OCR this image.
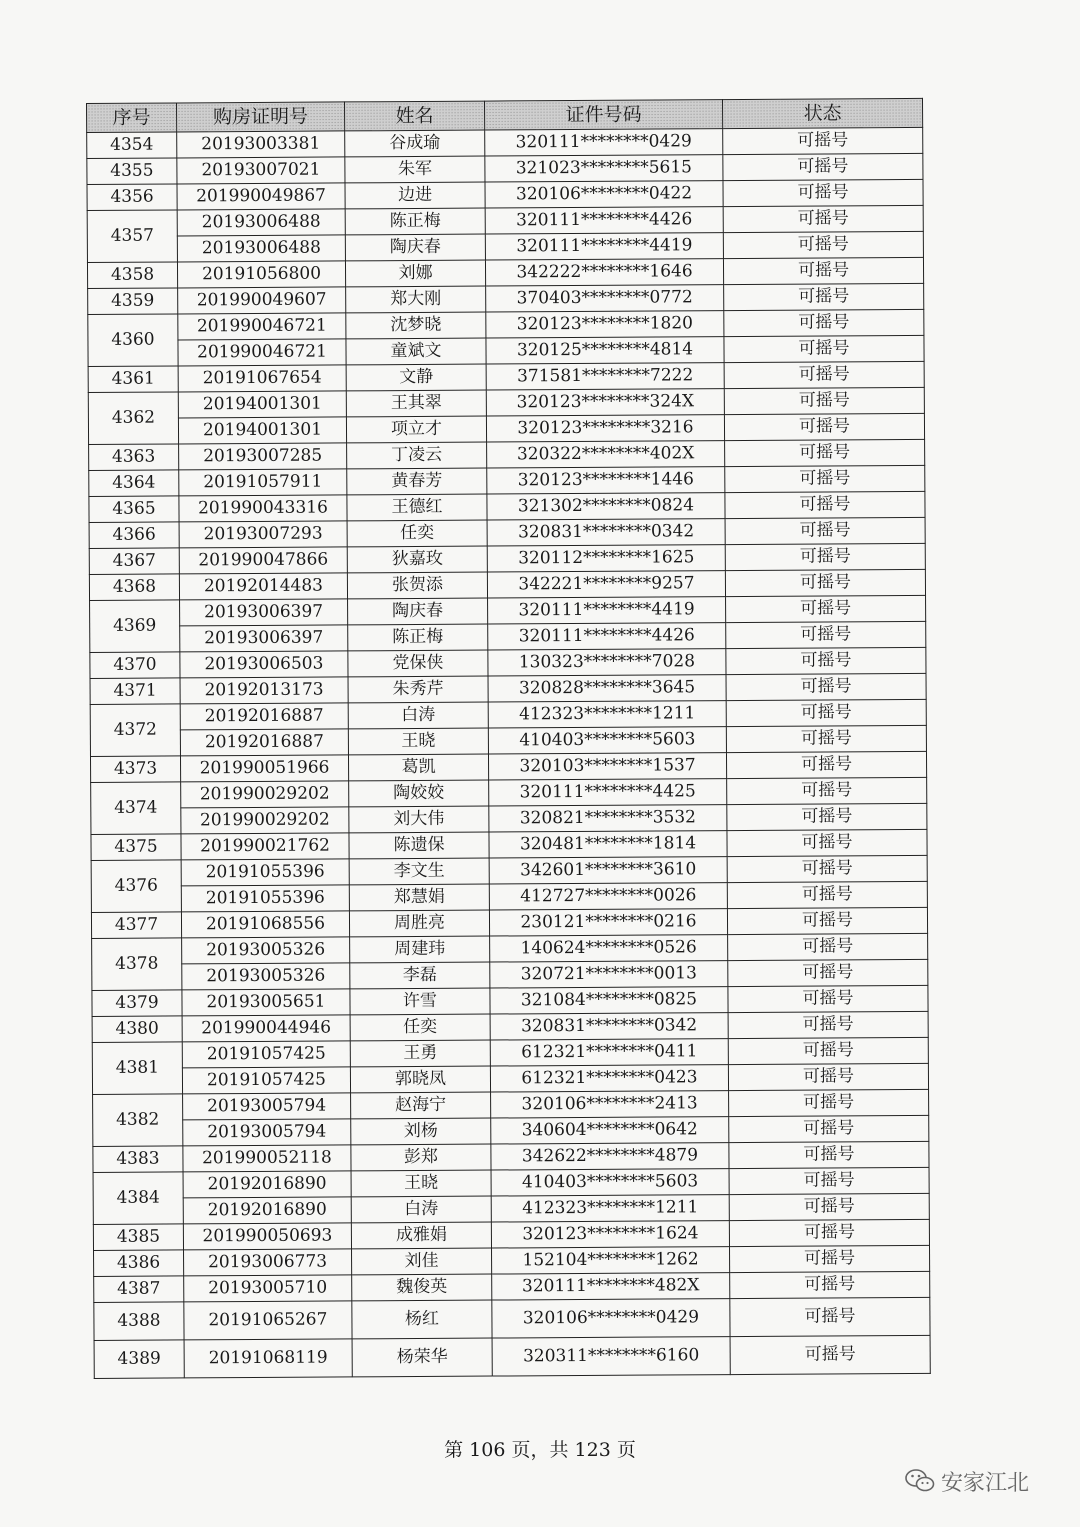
序号	购房证明号	姓名	证件号码	状态
4354	20193003381	谷成瑜	320111********0429	可摇号
4355	20193007021	朱军	321023********5615	可摇号
4356	201990049867	边进	320106********0422	可摇号
4357	20193006488	陈正梅	320111********4426	可摇号
	20193006488	陶庆春	320111********4419	可摇号
4358	20191056800	刘娜	342222********1646	可摇号
4359	201990049607	郑大刚	370403********0772	可摇号
4360	201990046721	沈梦晓	320123********1820	可摇号
	201990046721	童斌文	320125********4814	可摇号
4361	20191067654	文静	371581********7222	可摇号
4362	20194001301	王其翠	320123********324X	可摇号
	20194001301	项立才	320123********3216	可摇号
4363	20193007285	丁凌云	320322********402X	可摇号
4364	20191057911	黄春芳	320123********1446	可摇号
4365	201990043316	王德红	321302********0824	可摇号
4366	20193007293	任奕	320831********0342	可摇号
4367	201990047866	狄嘉玫	320112********1625	可摇号
4368	20192014483	张贺添	342221********9257	可摇号
4369	20193006397	陶庆春	320111********4419	可摇号
	20193006397	陈正梅	320111********4426	可摇号
4370	20193006503	党保侠	130323********7028	可摇号
4371	20192013173	朱秀芹	320828********3645	可摇号
4372	20192016887	白涛	412323********1211	可摇号
	20192016887	王晓	410403********5603	可摇号
4373	201990051966	葛凯	320103********1537	可摇号
4374	201990029202	陶姣姣	320111********4425	可摇号
	201990029202	刘大伟	320821********3532	可摇号
4375	201990021762	陈遗保	320481********1814	可摇号
4376	20191055396	李文生	342601********3610	可摇号
	20191055396	郑慧娟	412727********0026	可摇号
4377	20191068556	周胜亮	230121********0216	可摇号
4378	20193005326	周建玮	140624********0526	可摇号
	20193005326	李磊	320721********0013	可摇号
4379	20193005651	许雪	321084********0825	可摇号
4380	201990044946	任奕	320831********0342	可摇号
4381	20191057425	王勇	612321********0411	可摇号
	20191057425	郭晓凤	612321********0423	可摇号
4382	20193005794	赵海宁	320106********2413	可摇号
	20193005794	刘杨	340604********0642	可摇号
4383	201990052118	彭郑	342622********4879	可摇号
4384	20192016890	王晓	410403********5603	可摇号
	20192016890	白涛	412323********1211	可摇号
4385	201990050693	成雅娟	320123********1624	可摇号
4386	20193006773	刘佳	152104********1262	可摇号
4387	20193005710	魏俊英	320111********482X	可摇号
4388	20191065267	杨红	320106********0429	可摇号
4389	20191068119	杨荣华	320311********6160	可摇号
第 106 页，共 123 页
安家江北
